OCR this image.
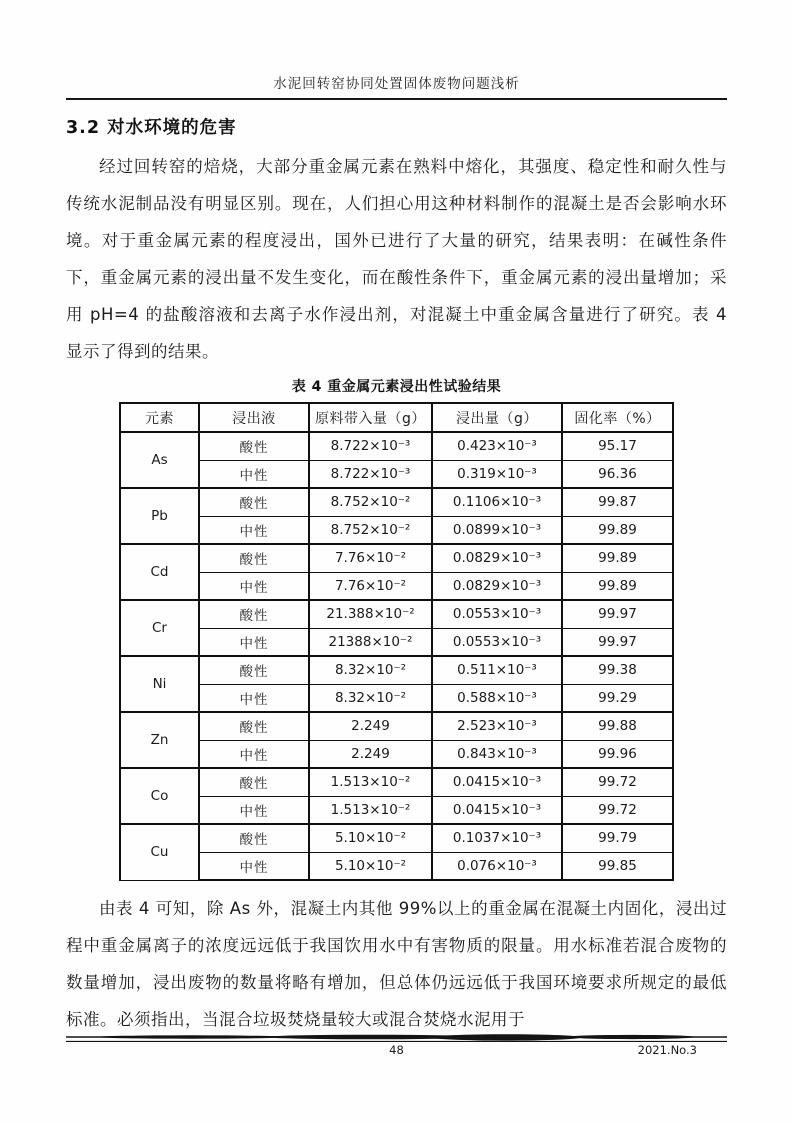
水泥回转窑协同处置固体废物问题浅析
3.2 对水环境的危害

经过回转窑的焙烧，大部分重金属元素在熟料中熔化，其强度、稳定性和耐久性与传统水泥制品没有明显区别。现在，人们担心用这种材料制作的混凝土是否会影响水环境。对于重金属元素的程度浸出，国外已进行了大量的研究，结果表明：在碱性条件下，重金属元素的浸出量不发生变化，而在酸性条件下，重金属元素的浸出量增加；采用 pH=4 的盐酸溶液和去离子水作浸出剂，对混凝土中重金属含量进行了研究。表 4 显示了得到的结果。

表 4 重金属元素浸出性试验结果
元素	浸出液	原料带入量（g）	浸出量（g）	固化率（%）
As	酸性	8.722×10⁻³	0.423×10⁻³	95.17
	中性	8.722×10⁻³	0.319×10⁻³	96.36
Pb	酸性	8.752×10⁻²	0.1106×10⁻³	99.87
	中性	8.752×10⁻²	0.0899×10⁻³	99.89
Cd	酸性	7.76×10⁻²	0.0829×10⁻³	99.89
	中性	7.76×10⁻²	0.0829×10⁻³	99.89
Cr	酸性	21.388×10⁻²	0.0553×10⁻³	99.97
	中性	21388×10⁻²	0.0553×10⁻³	99.97
Ni	酸性	8.32×10⁻²	0.511×10⁻³	99.38
	中性	8.32×10⁻²	0.588×10⁻³	99.29
Zn	酸性	2.249	2.523×10⁻³	99.88
	中性	2.249	0.843×10⁻³	99.96
Co	酸性	1.513×10⁻²	0.0415×10⁻³	99.72
	中性	1.513×10⁻²	0.0415×10⁻³	99.72
Cu	酸性	5.10×10⁻²	0.1037×10⁻³	99.79
	中性	5.10×10⁻²	0.076×10⁻³	99.85

由表 4 可知，除 As 外，混凝土内其他 99%以上的重金属在混凝土内固化，浸出过程中重金属离子的浓度远远低于我国饮用水中有害物质的限量。用水标准若混合废物的数量增加，浸出废物的数量将略有增加，但总体仍远远低于我国环境要求所规定的最低标准。必须指出，当混合垃圾焚烧量较大或混合焚烧水泥用于

48	2021.No.3
